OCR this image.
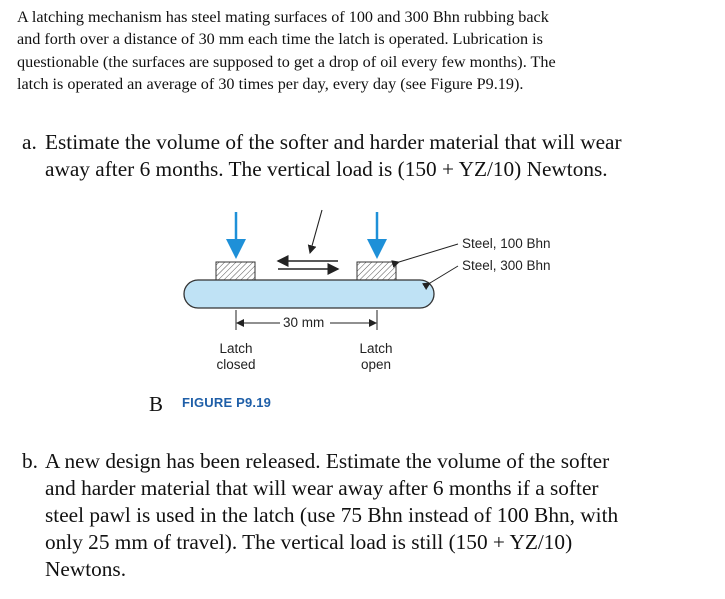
A latching mechanism has steel mating surfaces of 100 and 300 Bhn rubbing back
and forth over a distance of 30 mm each time the latch is operated. Lubrication is
questionable (the surfaces are supposed to get a drop of oil every few months). The
latch is operated an average of 30 times per day, every day (see Figure P9.19).
a. Estimate the volume of the softer and harder material that will wear
away after 6 months. The vertical load is (150 + YZ/10) Newtons.
Steel, 100 Bhn
Steel, 300 Bhn
30 mm
Latch
closed
Latch
open
B FIGURE P9.19
b. A new design has been released. Estimate the volume of the softer
and harder material that will wear away after 6 months if a softer
steel pawl is used in the latch (use 75 Bhn instead of 100 Bhn, with
only 25 mm of travel). The vertical load is still (150 + YZ/10)
Newtons.
